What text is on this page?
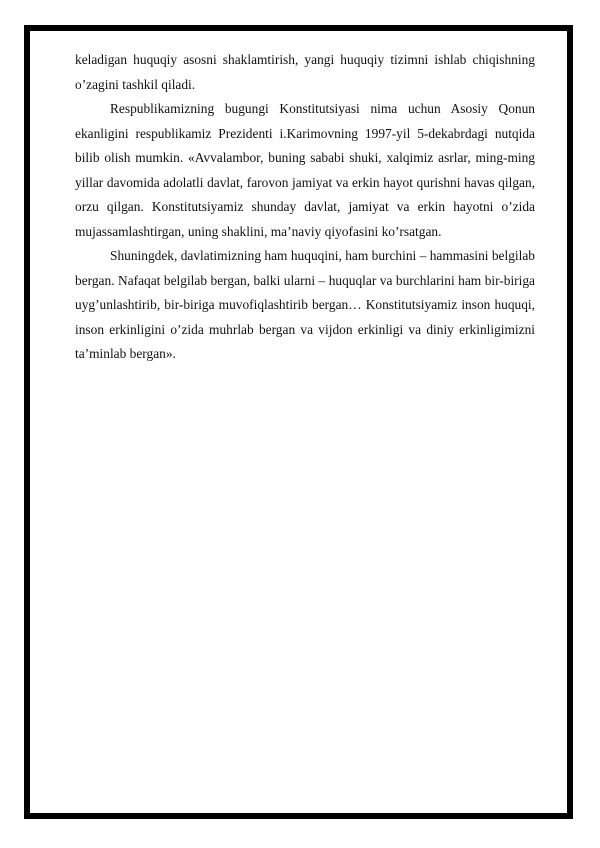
keladigan huquqiy asosni shaklamtirish, yangi huquqiy tizimni ishlab chiqishning o’zagini tashkil qiladi.

Respublikamizning bugungi Konstitutsiyasi nima uchun Asosiy Qonun ekanligini respublikamiz Prezidenti i.Karimovning 1997-yil 5-dekabrdagi nutqida bilib olish mumkin. «Avvalambor, buning sababi shuki, xalqimiz asrlar, ming-ming yillar davomida adolatli davlat, farovon jamiyat va erkin hayot qurishni havas qilgan, orzu qilgan. Konstitutsiyamiz shunday davlat, jamiyat va erkin hayotni o’zida mujassamlashtirgan, uning shaklini, ma’naviy qiyofasini ko’rsatgan.

Shuningdek, davlatimizning ham huquqini, ham burchini – hammasini belgilab bergan. Nafaqat belgilab bergan, balki ularni – huquqlar va burchlarini ham bir-biriga uyg’unlashtirib, bir-biriga muvofiqlashtirib bergan… Konstitutsiyamiz inson huquqi, inson erkinligini o’zida muhrlab bergan va vijdon erkinligi va diniy erkinligimizni ta’minlab bergan».
